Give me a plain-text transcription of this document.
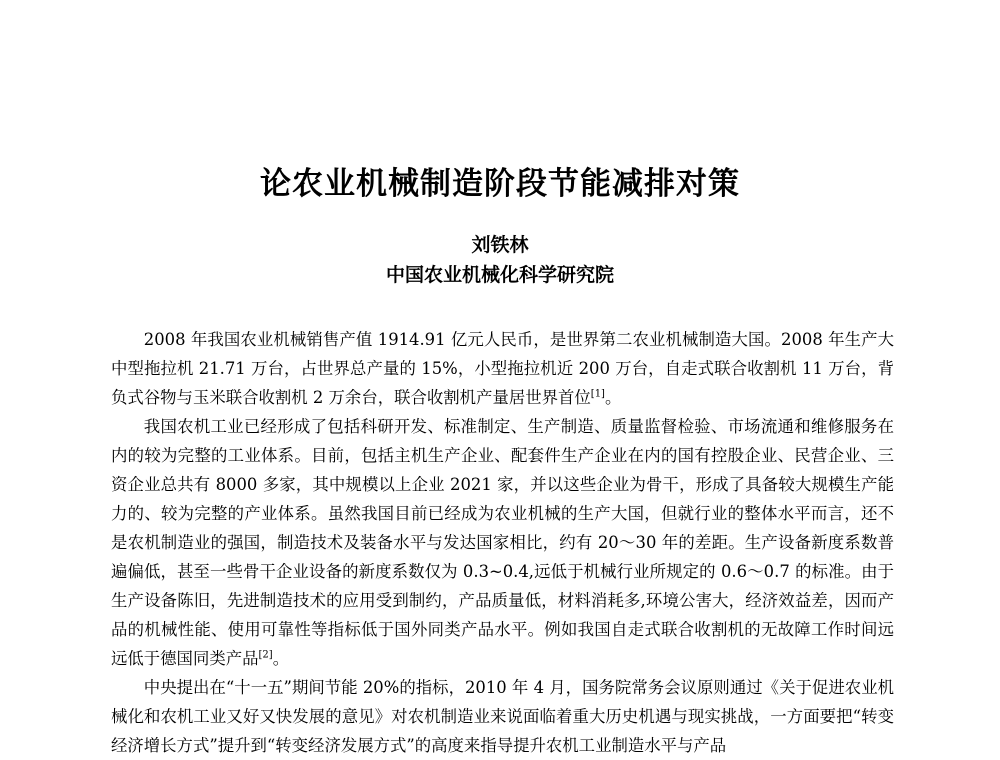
论农业机械制造阶段节能减排对策
刘铁林
中国农业机械化科学研究院

2008 年我国农业机械销售产值 1914.91 亿元人民币，是世界第二农业机械制造大国。2008 年生产大中型拖拉机 21.71 万台，占世界总产量的 15%，小型拖拉机近 200 万台，自走式联合收割机 11 万台，背负式谷物与玉米联合收割机 2 万余台，联合收割机产量居世界首位[1]。

我国农机工业已经形成了包括科研开发、标准制定、生产制造、质量监督检验、市场流通和维修服务在内的较为完整的工业体系。目前，包括主机生产企业、配套件生产企业在内的国有控股企业、民营企业、三资企业总共有 8000 多家，其中规模以上企业 2021 家，并以这些企业为骨干，形成了具备较大规模生产能力的、较为完整的产业体系。虽然我国目前已经成为农业机械的生产大国，但就行业的整体水平而言，还不是农机制造业的强国，制造技术及装备水平与发达国家相比，约有 20～30 年的差距。生产设备新度系数普遍偏低，甚至一些骨干企业设备的新度系数仅为 0.3~0.4,远低于机械行业所规定的 0.6～0.7 的标准。由于生产设备陈旧，先进制造技术的应用受到制约，产品质量低，材料消耗多,环境公害大，经济效益差，因而产品的机械性能、使用可靠性等指标低于国外同类产品水平。例如我国自走式联合收割机的无故障工作时间远远低于德国同类产品[2]。

中央提出在“十一五”期间节能 20%的指标，2010 年 4 月，国务院常务会议原则通过《关于促进农业机械化和农机工业又好又快发展的意见》对农机制造业来说面临着重大历史机遇与现实挑战，一方面要把“转变经济增长方式”提升到“转变经济发展方式”的高度来指导提升农机工业制造水平与产品
